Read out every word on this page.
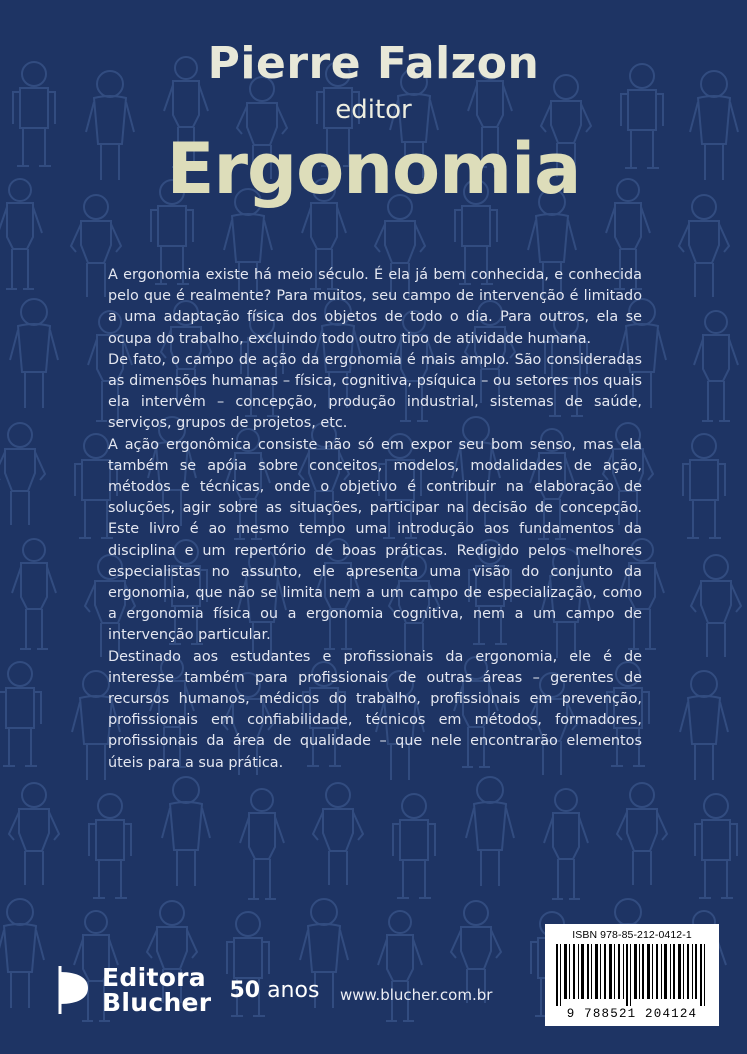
Pierre Falzon
editor
Ergonomia

A ergonomia existe há meio século. É ela já bem conhecida, e conhecida pelo que é realmente? Para muitos, seu campo de intervenção é limitado a uma adaptação física dos objetos de todo o dia. Para outros, ela se ocupa do trabalho, excluindo todo outro tipo de atividade humana.

De fato, o campo de ação da ergonomia é mais amplo. São consideradas as dimensões humanas – física, cognitiva, psíquica – ou setores nos quais ela intervêm – concepção, produção industrial, sistemas de saúde, serviços, grupos de projetos, etc.

A ação ergonômica consiste não só em expor seu bom senso, mas ela também se apóia sobre conceitos, modelos, modalidades de ação, métodos e técnicas, onde o objetivo é contribuir na elaboração de soluções, agir sobre as situações, participar na decisão de concepção. Este livro é ao mesmo tempo uma introdução aos fundamentos da disciplina e um repertório de boas práticas. Redigido pelos melhores especialistas no assunto, ele apresenta uma visão do conjunto da ergonomia, que não se limita nem a um campo de especialização, como a ergonomia física ou a ergonomia cognitiva, nem a um campo de intervenção particular.

Destinado aos estudantes e profissionais da ergonomia, ele é de interesse também para profissionais de outras áreas – gerentes de recursos humanos, médicos do trabalho, profissionais em prevenção, profissionais em confiabilidade, técnicos em métodos, formadores, profissionais da área de qualidade – que nele encontrarão elementos úteis para a sua prática.

Editora
Blucher 50 anos www.blucher.com.br
ISBN 978-85-212-0412-1
9 788521 204124
